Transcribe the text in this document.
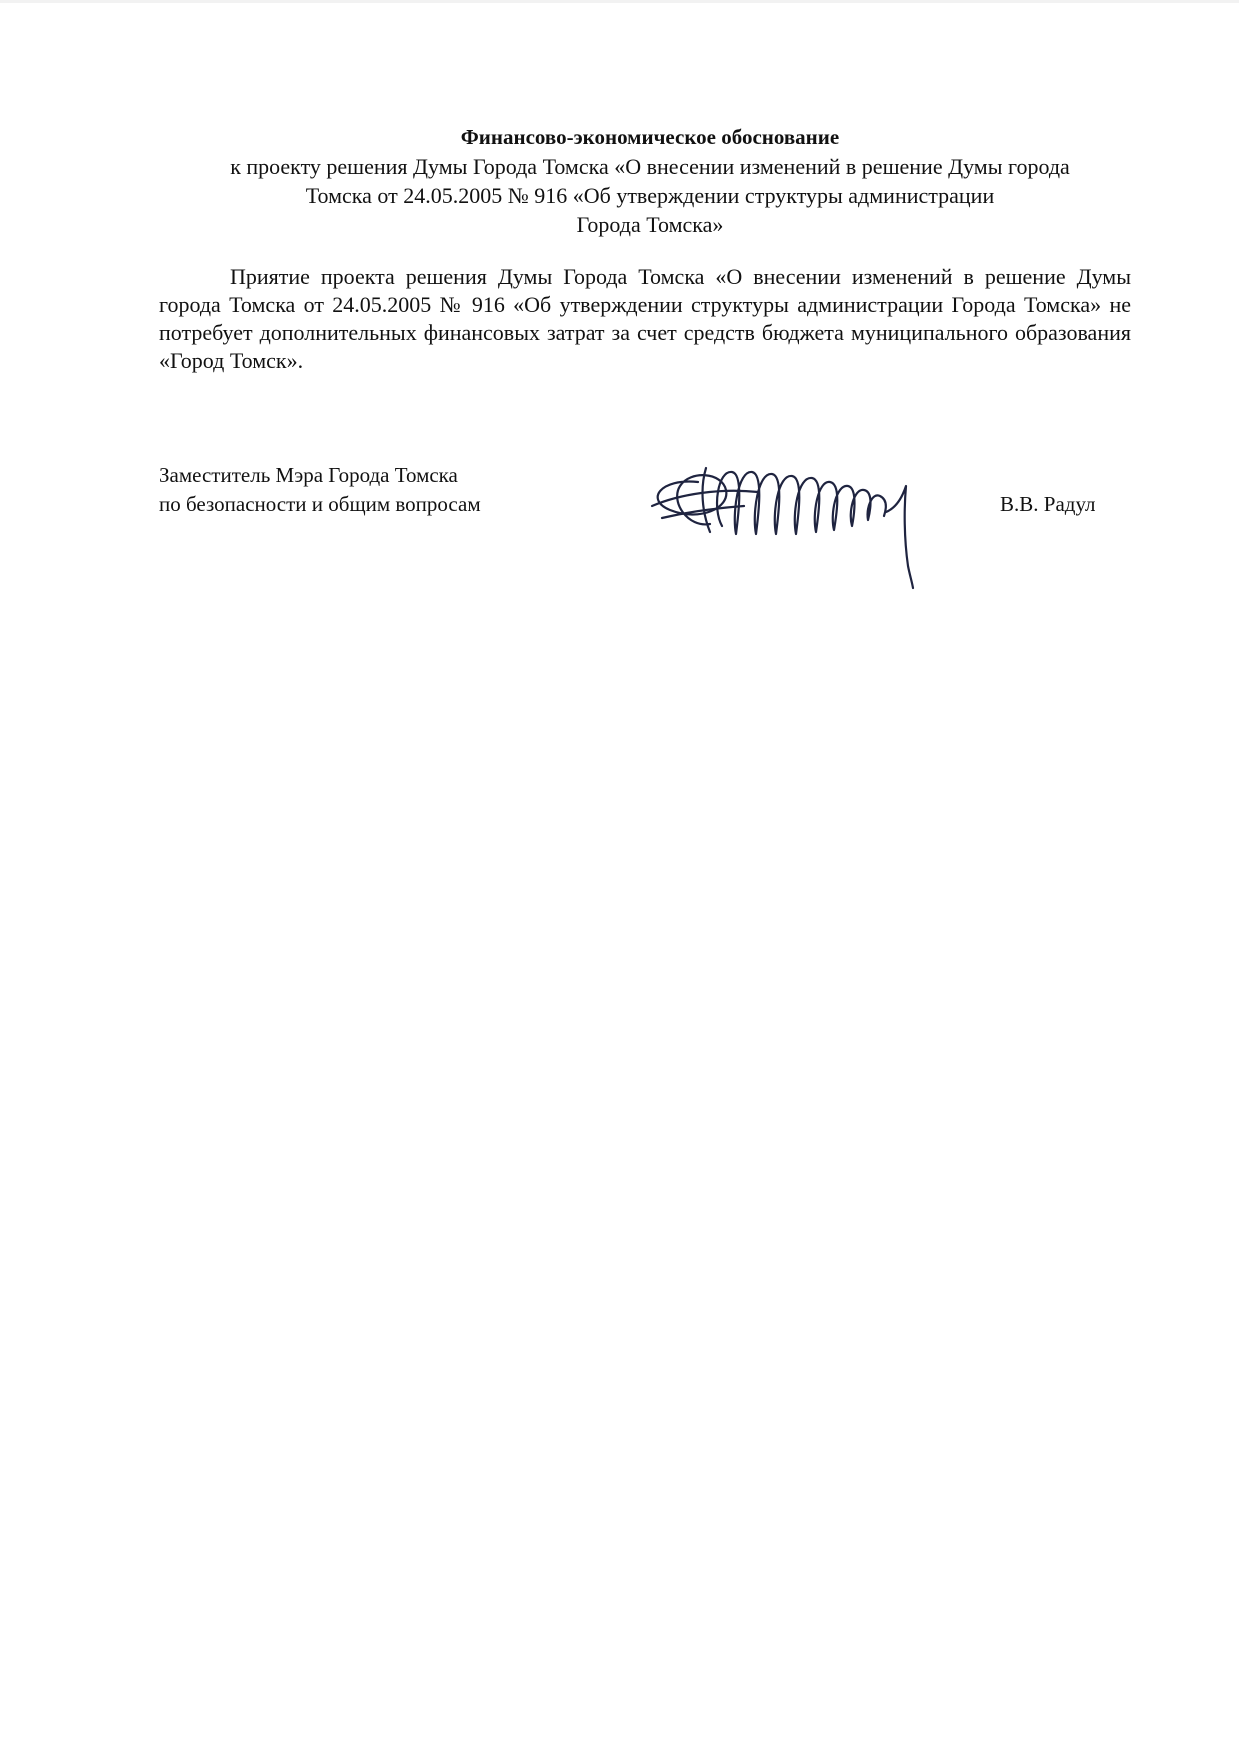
Финансово-экономическое обоснование
к проекту решения Думы Города Томска «О внесении изменений в решение Думы города
Томска от 24.05.2005 № 916 «Об утверждении структуры администрации
Города Томска»
Приятие проекта решения Думы Города Томска «О внесении изменений в решение Думы города Томска от 24.05.2005 № 916 «Об утверждении структуры администрации Города Томска» не потребует дополнительных финансовых затрат за счет средств бюджета муниципального образования «Город Томск».
Заместитель Мэра Города Томска
по безопасности и общим вопросам	В.В. Радул
